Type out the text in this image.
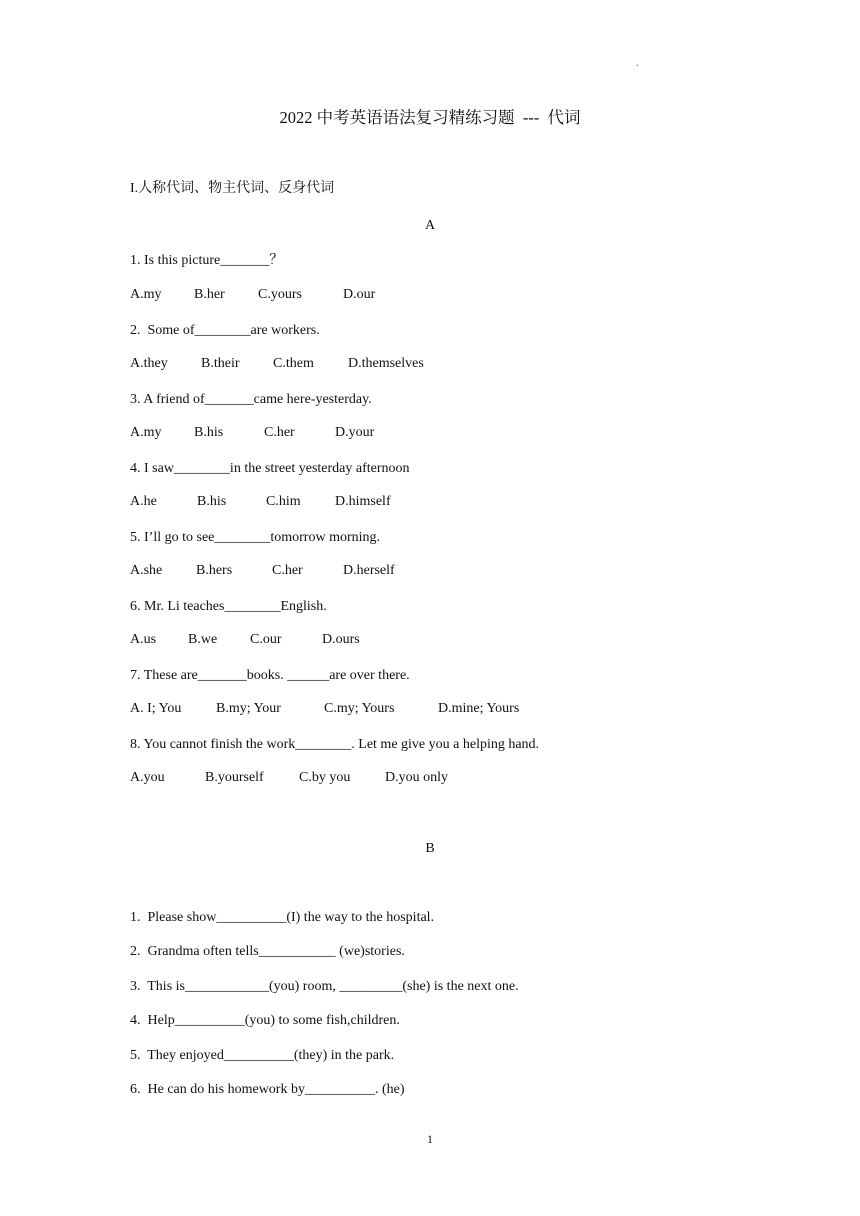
.
2022 中考英语语法复习精练习题  ---  代词
I.人称代词、物主代词、反身代词
A
1. Is this picture_______？
A.my B.her C.yours	D.our
2.  Some of________are workers.
A.they B.their C.them D.themselves
3. A friend of_______came here-yesterday.
A.my B.his	C.her	D.your
4. I saw________in the street yesterday afternoon
A.he	B.his	C.him D.himself
5. I’ll go to see________tomorrow morning.
A.she B.hers	C.her	D.herself
6. Mr. Li teaches________English.
A.us B.we C.our	D.ours
7. These are_______books. ______are over there.
A. I; You B.my; Your	C.my; Yours	D.mine; Yours
8. You cannot finish the work________. Let me give you a helping hand.
A.you	B.yourself	C.by you D.you only
B
1.  Please show__________(I) the way to the hospital.
2.  Grandma often tells___________ (we)stories.
3.  This is____________(you) room, _________(she) is the next one.
4.  Help__________(you) to some fish,children.
5.  They enjoyed__________(they) in the park.
6.  He can do his homework by__________. (he)
1
